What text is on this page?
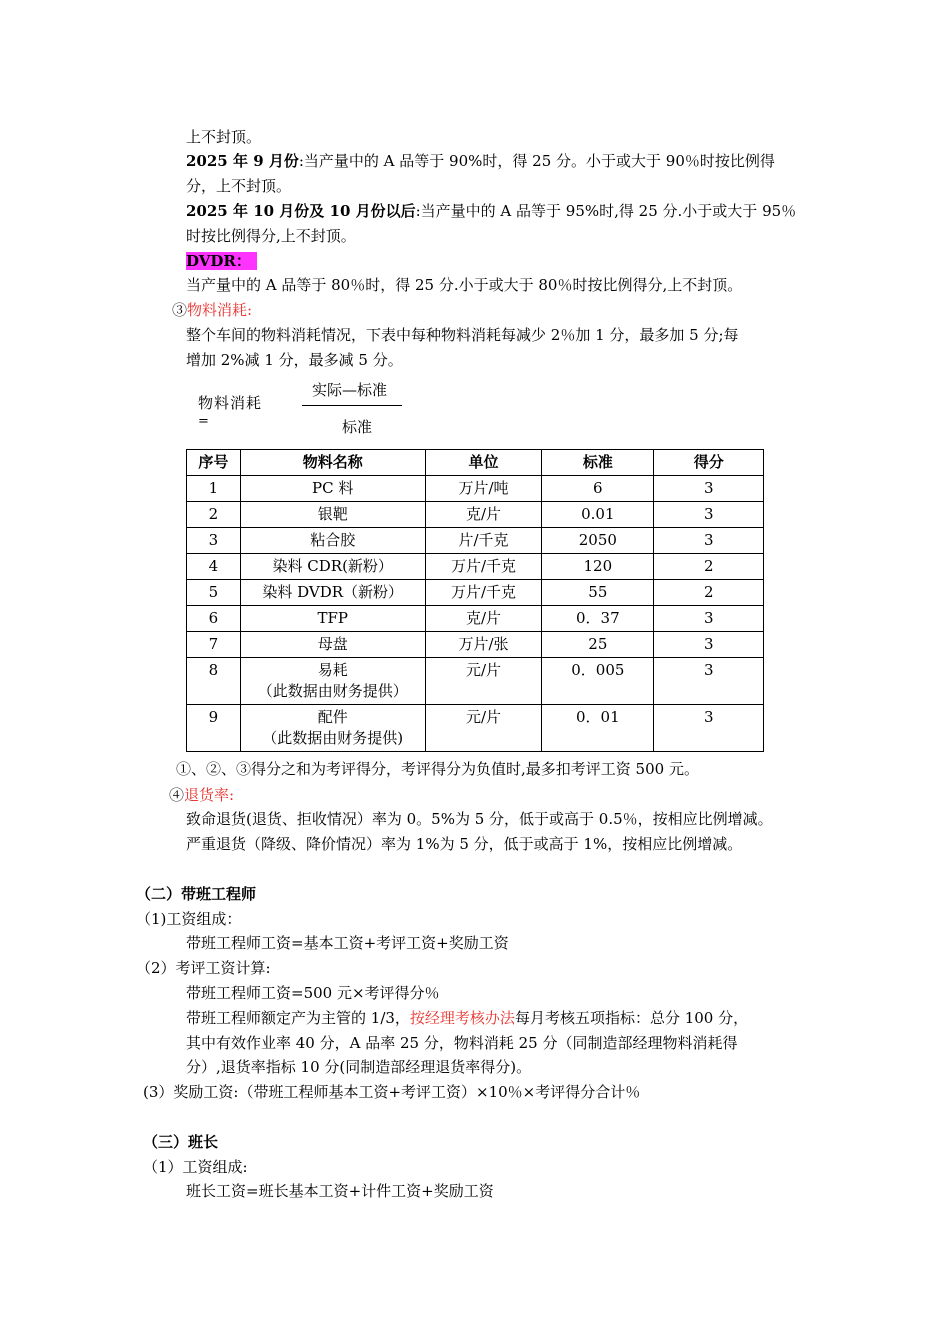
上不封顶。
2025 年 9 月份:当产量中的 A 品等于 90%时，得 25 分。小于或大于 90％时按比例得
分，上不封顶。
2025 年 10 月份及 10 月份以后:当产量中的 A 品等于 95%时,得 25 分.小于或大于 95％
时按比例得分,上不封顶。
DVDR：
当产量中的 A 品等于 80％时，得 25 分.小于或大于 80％时按比例得分,上不封顶。
③物料消耗:
整个车间的物料消耗情况，下表中每种物料消耗每减少 2％加 1 分，最多加 5 分;每
增加 2%减 1 分，最多减 5 分。
物料消耗
=
实际—标准
标准
序号	物料名称	单位	标准	得分

1	PC 料	万片/吨	6	3

2	银靶	克/片	0.01	3

3	粘合胶	片/千克	2050	3

4	染料 CDR(新粉）	万片/千克	120	2

5	染料 DVDR（新粉）	万片/千克	55	2

6	TFP	克/片	0．37	3

7	母盘	万片/张	25	3

8	易耗
（此数据由财务提供）	元/片	0．005	3

9	配件
（此数据由财务提供)	元/片	0．01	3
①、②、③得分之和为考评得分，考评得分为负值时,最多扣考评工资 500 元。
④退货率:
致命退货(退货、拒收情况）率为 0。5%为 5 分，低于或高于 0.5％，按相应比例增减。
严重退货（降级、降价情况）率为 1%为 5 分，低于或高于 1%，按相应比例增减。
（二）带班工程师
（1)工资组成：
带班工程师工资=基本工资+考评工资+奖励工资
（2）考评工资计算:
带班工程师工资=500 元×考评得分％
带班工程师额定产为主管的 1/3，按经理考核办法每月考核五项指标：总分 100 分，
其中有效作业率 40 分，A 品率 25 分，物料消耗 25 分（同制造部经理物料消耗得
分）,退货率指标 10 分(同制造部经理退货率得分)。
(3）奖励工资:（带班工程师基本工资+考评工资）×10％×考评得分合计％
（三）班长
（1）工资组成:
班长工资=班长基本工资+计件工资+奖励工资
